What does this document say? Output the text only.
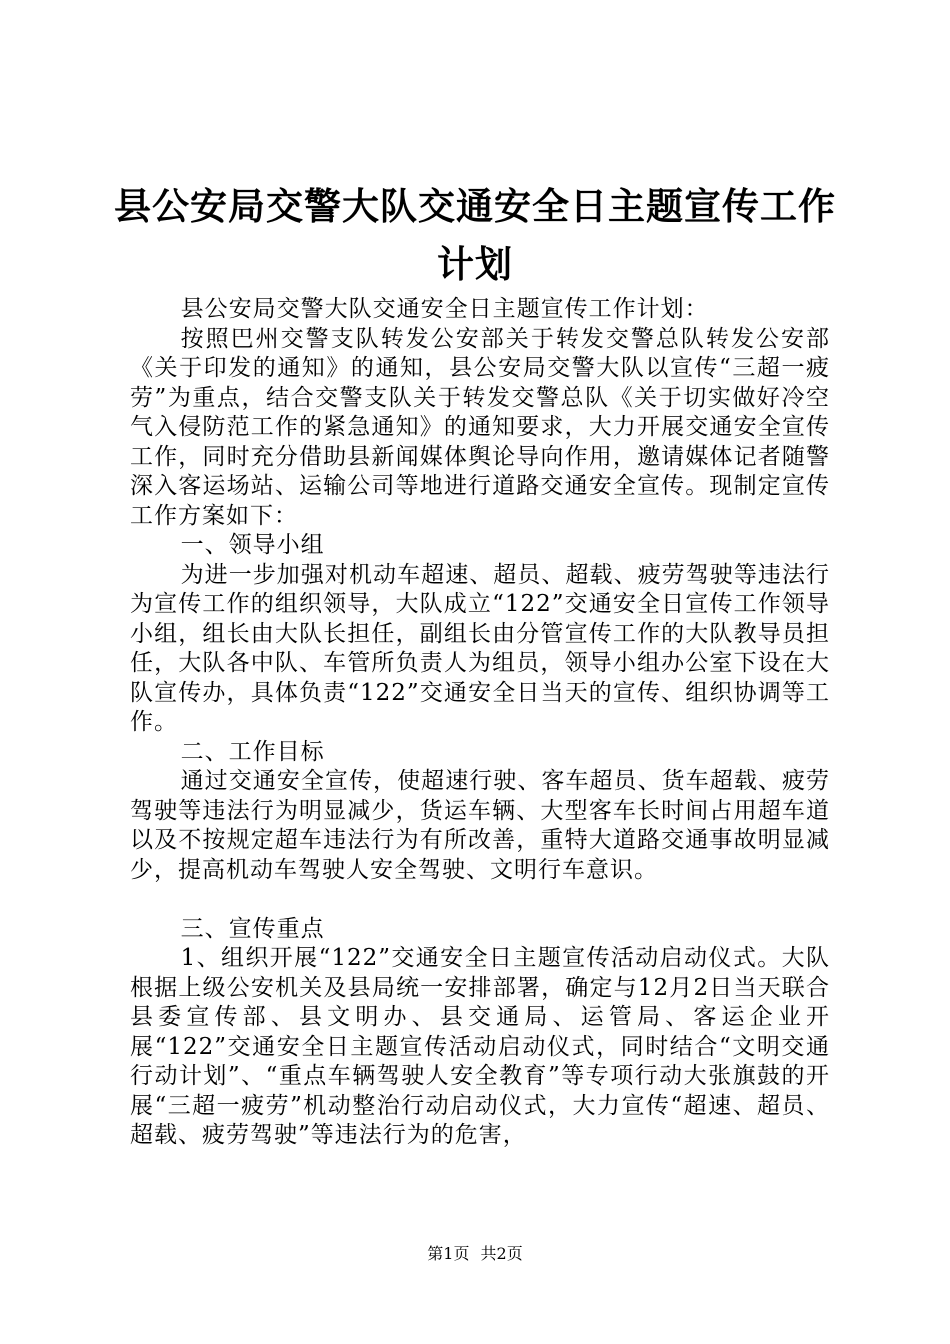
县公安局交警大队交通安全日主题宣传工作计划

县公安局交警大队交通安全日主题宣传工作计划：

按照巴州交警支队转发公安部关于转发交警总队转发公安部《关于印发的通知》的通知，县公安局交警大队以宣传“三超一疲劳”为重点，结合交警支队关于转发交警总队《关于切实做好冷空气入侵防范工作的紧急通知》的通知要求，大力开展交通安全宣传工作，同时充分借助县新闻媒体舆论导向作用，邀请媒体记者随警深入客运场站、运输公司等地进行道路交通安全宣传。现制定宣传工作方案如下：

一、领导小组

为进一步加强对机动车超速、超员、超载、疲劳驾驶等违法行为宣传工作的组织领导，大队成立“122”交通安全日宣传工作领导小组，组长由大队长担任，副组长由分管宣传工作的大队教导员担任，大队各中队、车管所负责人为组员，领导小组办公室下设在大队宣传办，具体负责“122”交通安全日当天的宣传、组织协调等工作。

二、工作目标

通过交通安全宣传，使超速行驶、客车超员、货车超载、疲劳驾驶等违法行为明显减少，货运车辆、大型客车长时间占用超车道以及不按规定超车违法行为有所改善，重特大道路交通事故明显减少，提高机动车驾驶人安全驾驶、文明行车意识。

三、宣传重点

1、组织开展“122”交通安全日主题宣传活动启动仪式。大队根据上级公安机关及县局统一安排部署，确定与12月2日当天联合县委宣传部、县文明办、县交通局、运管局、客运企业开展“122”交通安全日主题宣传活动启动仪式，同时结合“文明交通行动计划”、“重点车辆驾驶人安全教育”等专项行动大张旗鼓的开展“三超一疲劳”机动整治行动启动仪式，大力宣传“超速、超员、超载、疲劳驾驶”等违法行为的危害，

第1页 共2页
